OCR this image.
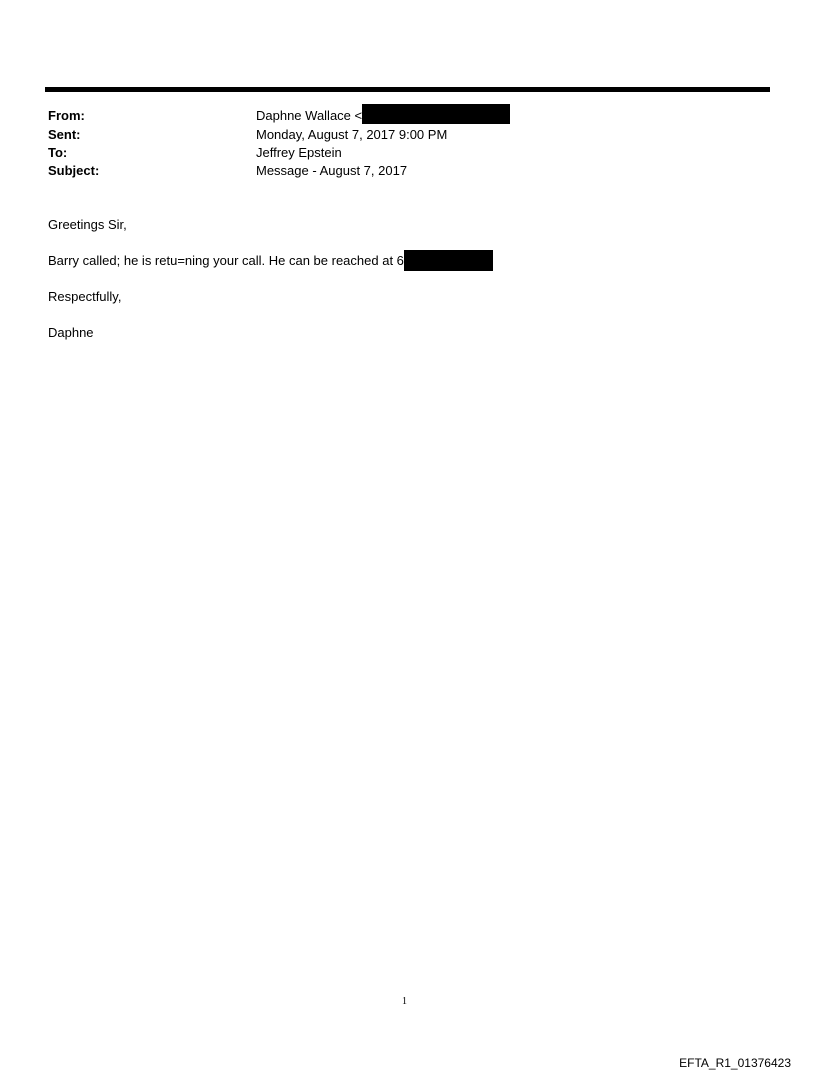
From:	Daphne Wallace <
Sent:	Monday, August 7, 2017 9:00 PM
To:	Jeffrey Epstein
Subject:	Message - August 7, 2017
Greetings Sir,
Barry called; he is retu=ning your call. He can be reached at 6
Respectfully,
Daphne
1
EFTA_R1_01376423
